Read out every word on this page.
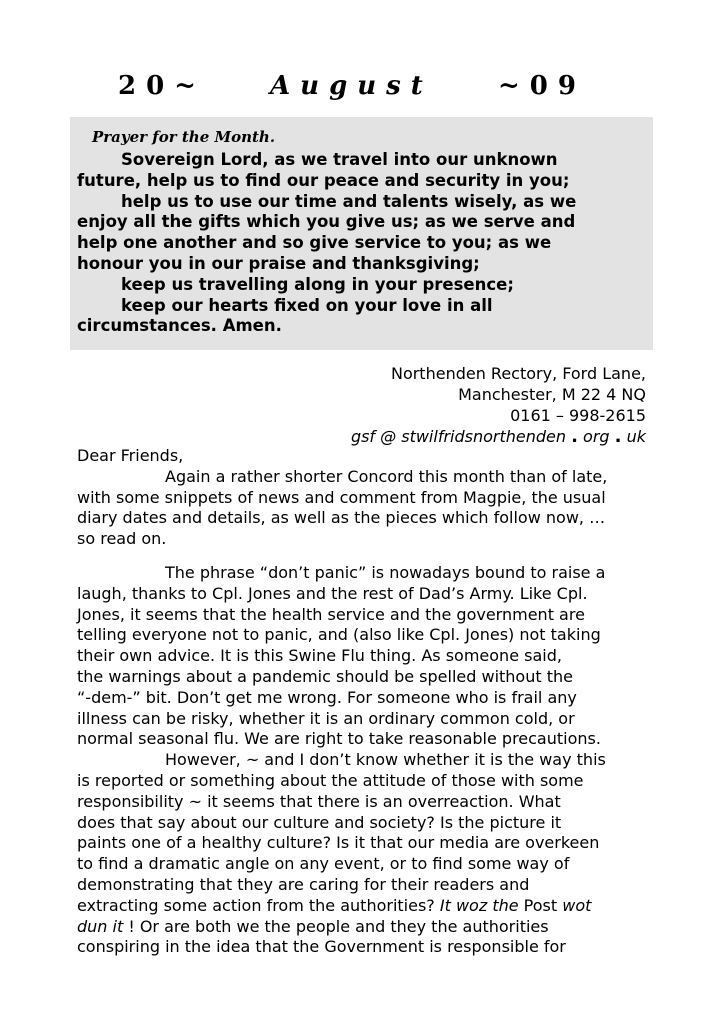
20~ August	~09
Prayer for the Month.
Sovereign Lord, as we travel into our unknown
future, help us to find our peace and security in you;
help us to use our time and talents wisely, as we
enjoy all the gifts which you give us; as we serve and
help one another and so give service to you; as we
honour you in our praise and thanksgiving;
keep us travelling along in your presence;
keep our hearts fixed on your love in all
circumstances. Amen.
Northenden Rectory, Ford Lane,
Manchester, M 22 4 NQ
0161 – 998-2615
gsf @ stwilfridsnorthenden . org . uk
Dear Friends,
Again a rather shorter Concord this month than of late,
with some snippets of news and comment from Magpie, the usual
diary dates and details, as well as the pieces which follow now, …
so read on.
The phrase “don’t panic” is nowadays bound to raise a
laugh, thanks to Cpl. Jones and the rest of Dad’s Army. Like Cpl.
Jones, it seems that the health service and the government are
telling everyone not to panic, and (also like Cpl. Jones) not taking
their own advice. It is this Swine Flu thing. As someone said,
the warnings about a pandemic should be spelled without the
“-dem-” bit. Don’t get me wrong. For someone who is frail any
illness can be risky, whether it is an ordinary common cold, or
normal seasonal flu. We are right to take reasonable precautions.
However, ~ and I don’t know whether it is the way this
is reported or something about the attitude of those with some
responsibility ~ it seems that there is an overreaction. What
does that say about our culture and society? Is the picture it
paints one of a healthy culture? Is it that our media are overkeen
to find a dramatic angle on any event, or to find some way of
demonstrating that they are caring for their readers and
extracting some action from the authorities? It woz the Post wot
dun it ! Or are both we the people and they the authorities
conspiring in the idea that the Government is responsible for
